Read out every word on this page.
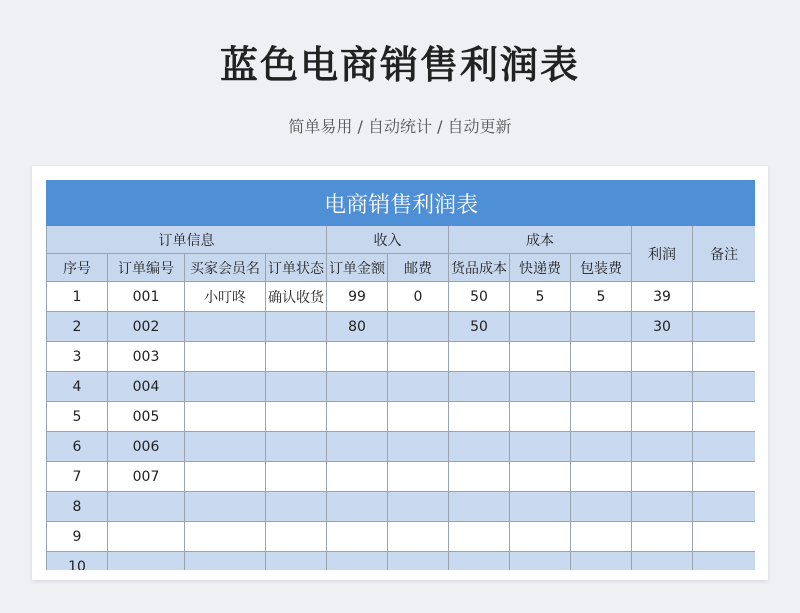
蓝色电商销售利润表
简单易用 / 自动统计 / 自动更新
电商销售利润表										
订单信息				收入		成本			利润	备注
序号	订单编号	买家会员名	订单状态	订单金额	邮费	货品成本	快递费	包装费		
1	001	小叮咚	确认收货	99	0	50	5	5	39	
2	002			80		50			30	
3	003									
4	004									
5	005									
6	006									
7	007									
8										
9										
10										
